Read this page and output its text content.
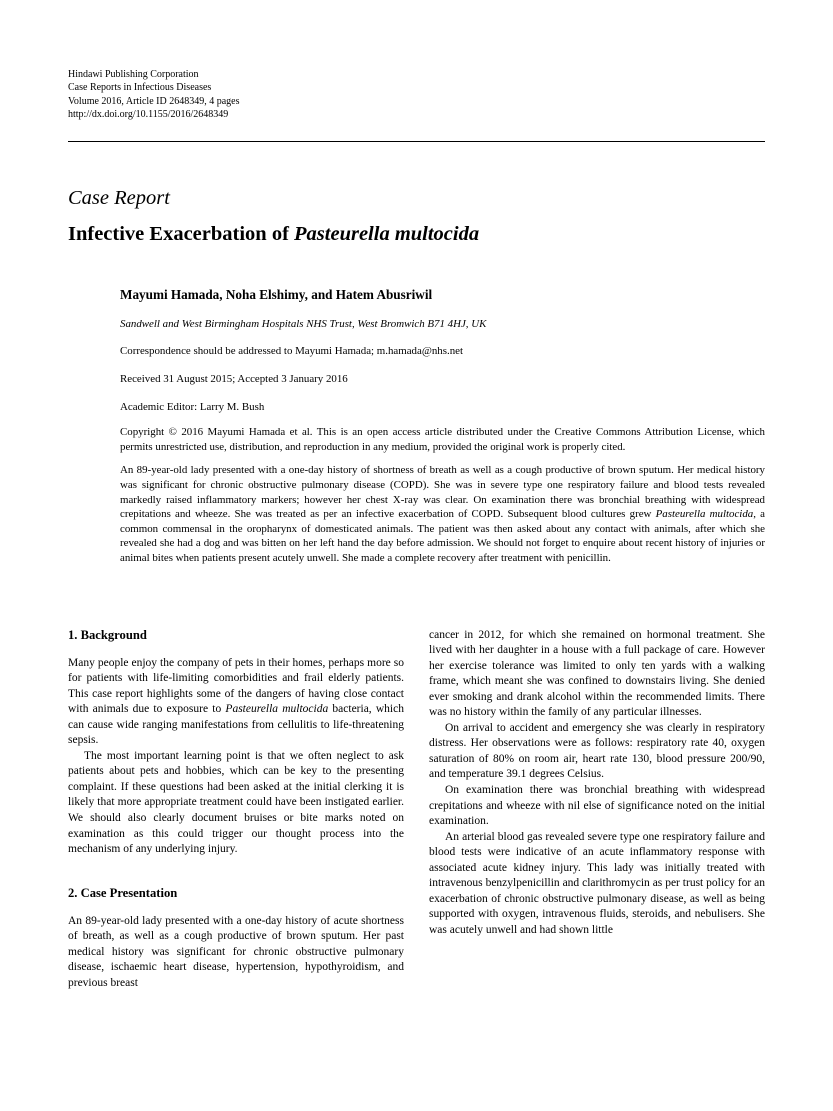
Hindawi Publishing Corporation
Case Reports in Infectious Diseases
Volume 2016, Article ID 2648349, 4 pages
http://dx.doi.org/10.1155/2016/2648349
Case Report
Infective Exacerbation of Pasteurella multocida
Mayumi Hamada, Noha Elshimy, and Hatem Abusriwil
Sandwell and West Birmingham Hospitals NHS Trust, West Bromwich B71 4HJ, UK
Correspondence should be addressed to Mayumi Hamada; m.hamada@nhs.net
Received 31 August 2015; Accepted 3 January 2016
Academic Editor: Larry M. Bush

Copyright © 2016 Mayumi Hamada et al. This is an open access article distributed under the Creative Commons Attribution License, which permits unrestricted use, distribution, and reproduction in any medium, provided the original work is properly cited.

An 89-year-old lady presented with a one-day history of shortness of breath as well as a cough productive of brown sputum. Her medical history was significant for chronic obstructive pulmonary disease (COPD). She was in severe type one respiratory failure and blood tests revealed markedly raised inflammatory markers; however her chest X-ray was clear. On examination there was bronchial breathing with widespread crepitations and wheeze. She was treated as per an infective exacerbation of COPD. Subsequent blood cultures grew Pasteurella multocida, a common commensal in the oropharynx of domesticated animals. The patient was then asked about any contact with animals, after which she revealed she had a dog and was bitten on her left hand the day before admission. We should not forget to enquire about recent history of injuries or animal bites when patients present acutely unwell. She made a complete recovery after treatment with penicillin.

1. Background

Many people enjoy the company of pets in their homes, perhaps more so for patients with life-limiting comorbidities and frail elderly patients. This case report highlights some of the dangers of having close contact with animals due to exposure to Pasteurella multocida bacteria, which can cause wide ranging manifestations from cellulitis to life-threatening sepsis.

The most important learning point is that we often neglect to ask patients about pets and hobbies, which can be key to the presenting complaint. If these questions had been asked at the initial clerking it is likely that more appropriate treatment could have been instigated earlier. We should also clearly document bruises or bite marks noted on examination as this could trigger our thought process into the mechanism of any underlying injury.

2. Case Presentation

An 89-year-old lady presented with a one-day history of acute shortness of breath, as well as a cough productive of brown sputum. Her past medical history was significant for chronic obstructive pulmonary disease, ischaemic heart disease, hypertension, hypothyroidism, and previous breast

cancer in 2012, for which she remained on hormonal treatment. She lived with her daughter in a house with a full package of care. However her exercise tolerance was limited to only ten yards with a walking frame, which meant she was confined to downstairs living. She denied ever smoking and drank alcohol within the recommended limits. There was no history within the family of any particular illnesses.

On arrival to accident and emergency she was clearly in respiratory distress. Her observations were as follows: respiratory rate 40, oxygen saturation of 80% on room air, heart rate 130, blood pressure 200/90, and temperature 39.1 degrees Celsius.

On examination there was bronchial breathing with widespread crepitations and wheeze with nil else of significance noted on the initial examination.

An arterial blood gas revealed severe type one respiratory failure and blood tests were indicative of an acute inflammatory response with associated acute kidney injury. This lady was initially treated with intravenous benzylpenicillin and clarithromycin as per trust policy for an exacerbation of chronic obstructive pulmonary disease, as well as being supported with oxygen, intravenous fluids, steroids, and nebulisers. She was acutely unwell and had shown little
